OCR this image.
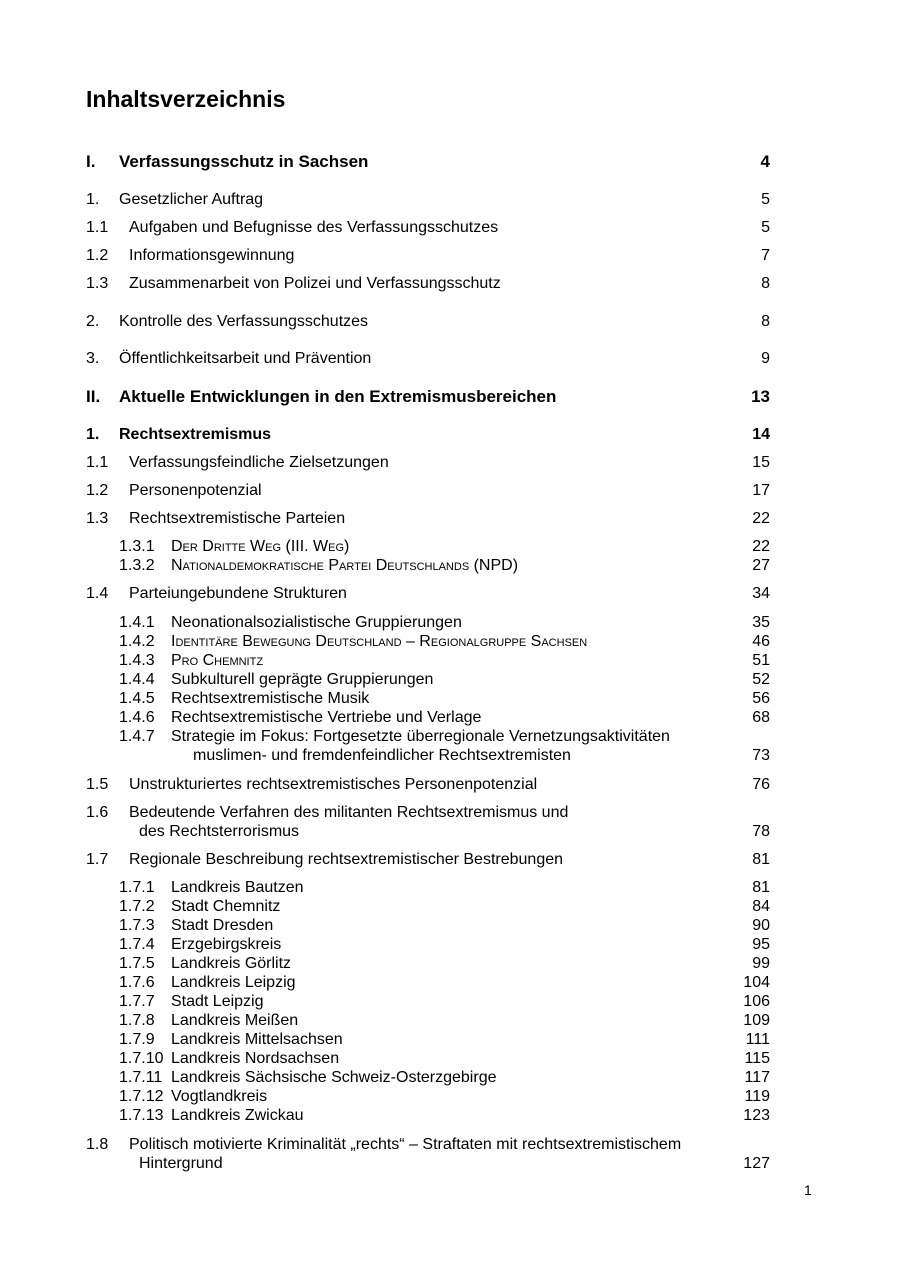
Inhaltsverzeichnis
I. Verfassungsschutz in Sachsen	4
1. Gesetzlicher Auftrag	5
1.1 Aufgaben und Befugnisse des Verfassungsschutzes	5
1.2 Informationsgewinnung	7
1.3 Zusammenarbeit von Polizei und Verfassungsschutz	8
2. Kontrolle des Verfassungsschutzes	8
3. Öffentlichkeitsarbeit und Prävention	9
II. Aktuelle Entwicklungen in den Extremismusbereichen	13
1. Rechtsextremismus	14
1.1 Verfassungsfeindliche Zielsetzungen	15
1.2 Personenpotenzial	17
1.3 Rechtsextremistische Parteien	22
1.3.1 Der Dritte Weg (III. Weg)	22
1.3.2 Nationaldemokratische Partei Deutschlands (NPD)	27
1.4 Parteiungebundene Strukturen	34
1.4.1 Neonationalsozialistische Gruppierungen	35
1.4.2 Identitäre Bewegung Deutschland – Regionalgruppe Sachsen	46
1.4.3 Pro Chemnitz	51
1.4.4 Subkulturell geprägte Gruppierungen	52
1.4.5 Rechtsextremistische Musik	56
1.4.6 Rechtsextremistische Vertriebe und Verlage	68
1.4.7 Strategie im Fokus: Fortgesetzte überregionale Vernetzungsaktivitäten
muslimen- und fremdenfeindlicher Rechtsextremisten	73
1.5 Unstrukturiertes rechtsextremistisches Personenpotenzial	76
1.6 Bedeutende Verfahren des militanten Rechtsextremismus und
des Rechtsterrorismus	78
1.7 Regionale Beschreibung rechtsextremistischer Bestrebungen	81
1.7.1 Landkreis Bautzen	81
1.7.2 Stadt Chemnitz	84
1.7.3 Stadt Dresden	90
1.7.4 Erzgebirgskreis	95
1.7.5 Landkreis Görlitz	99
1.7.6 Landkreis Leipzig	104
1.7.7 Stadt Leipzig	106
1.7.8 Landkreis Meißen	109
1.7.9 Landkreis Mittelsachsen	111
1.7.10 Landkreis Nordsachsen	115
1.7.11 Landkreis Sächsische Schweiz-Osterzgebirge	117
1.7.12 Vogtlandkreis	119
1.7.13 Landkreis Zwickau	123
1.8 Politisch motivierte Kriminalität „rechts“ – Straftaten mit rechtsextremistischem
Hintergrund	127
1
